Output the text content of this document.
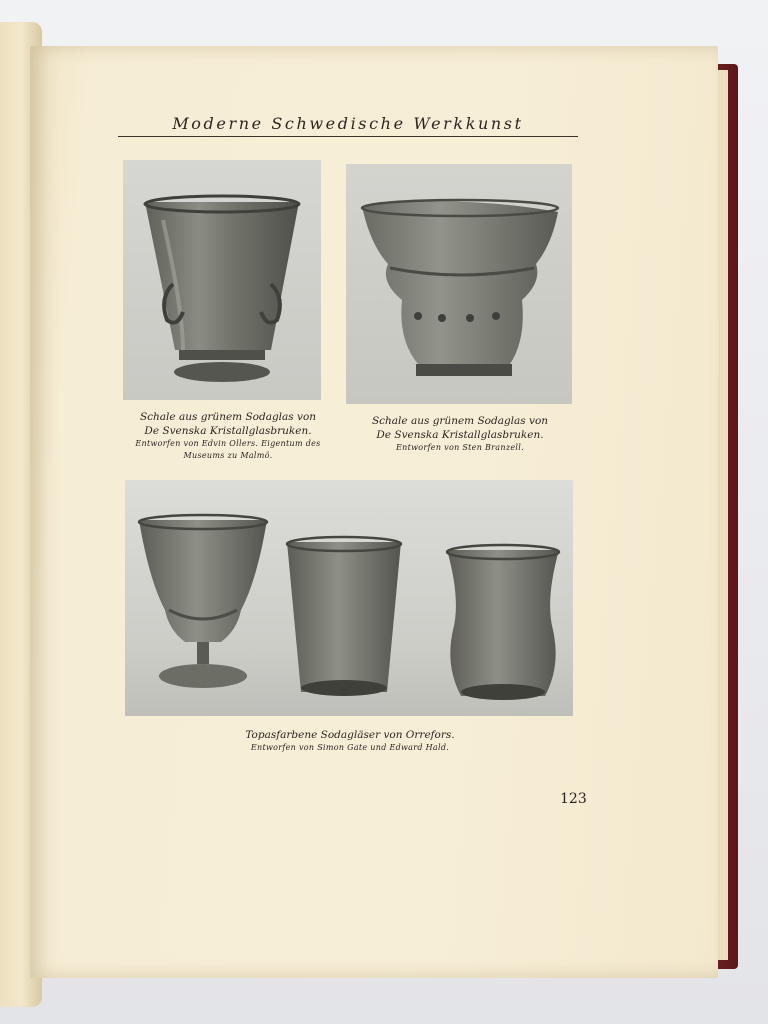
Moderne Schwedische Werkkunst
Schale aus grünem Sodaglas von
De Svenska Kristallglasbruken.
Entworfen von Edvin Ollers. Eigentum des
Museums zu Malmö.
Schale aus grünem Sodaglas von
De Svenska Kristallglasbruken.
Entworfen von Sten Branzell.
Topasfarbene Sodagläser von Orrefors.
Entworfen von Simon Gate und Edward Hald.
123
